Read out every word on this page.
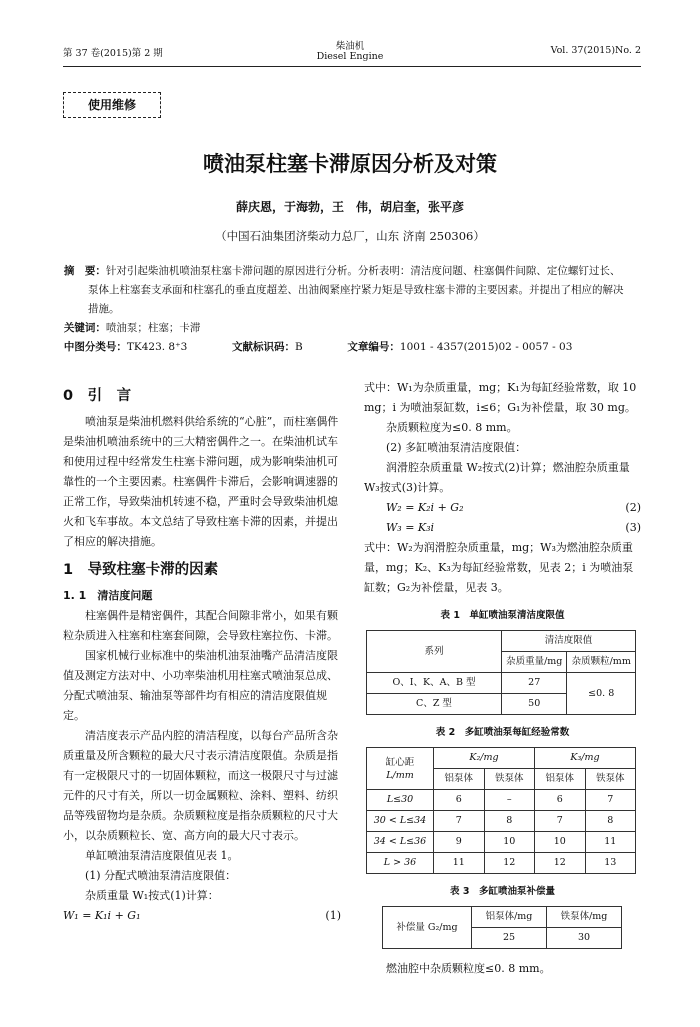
第 37 卷(2015)第 2 期
柴油机
Diesel Engine
Vol. 37(2015)No. 2
使用维修
喷油泵柱塞卡滞原因分析及对策
薛庆恩，于海勃，王　伟，胡启奎，张平彦
（中国石油集团济柴动力总厂，山东 济南 250306）
摘　要：针对引起柴油机喷油泵柱塞卡滞问题的原因进行分析。分析表明：清洁度问题、柱塞偶件间隙、定位螺钉过长、泵体上柱塞套支承面和柱塞孔的垂直度超差、出油阀紧座拧紧力矩是导致柱塞卡滞的主要因素。并提出了相应的解决措施。
关键词：喷油泵；柱塞；卡滞
中图分类号：TK423. 8⁺3	文献标识码：B	文章编号：1001 - 4357(2015)02 - 0057 - 03
0　引　言

喷油泵是柴油机燃料供给系统的“心脏”，而柱塞偶件是柴油机喷油系统中的三大精密偶件之一。在柴油机试车和使用过程中经常发生柱塞卡滞问题，成为影响柴油机可靠性的一个主要因素。柱塞偶件卡滞后，会影响调速器的正常工作，导致柴油机转速不稳，严重时会导致柴油机熄火和飞车事故。本文总结了导致柱塞卡滞的因素，并提出了相应的解决措施。

1　导致柱塞卡滞的因素

1. 1　清洁度问题

柱塞偶件是精密偶件，其配合间隙非常小，如果有颗粒杂质进入柱塞和柱塞套间隙，会导致柱塞拉伤、卡滞。

国家机械行业标准中的柴油机油泵油嘴产品清洁度限值及测定方法对中、小功率柴油机用柱塞式喷油泵总成、分配式喷油泵、输油泵等部件均有相应的清洁度限值规定。

清洁度表示产品内腔的清洁程度，以每台产品所含杂质重量及所含颗粒的最大尺寸表示清洁度限值。杂质是指有一定极限尺寸的一切固体颗粒，而这一极限尺寸与过滤元件的尺寸有关，所以一切金属颗粒、涂料、塑料、纺织品等残留物均是杂质。杂质颗粒度是指杂质颗粒的尺寸大小，以杂质颗粒长、宽、高方向的最大尺寸表示。

单缸喷油泵清洁度限值见表 1。

(1) 分配式喷油泵清洁度限值：

杂质重量 W₁按式(1)计算：

W₁ = K₁i + G₁	(1)

式中：W₁为杂质重量，mg；K₁为每缸经验常数，取 10 mg；i 为喷油泵缸数，i≤6；G₁为补偿量，取 30 mg。

杂质颗粒度为≤0. 8 mm。

(2) 多缸喷油泵清洁度限值：

润滑腔杂质重量 W₂按式(2)计算；燃油腔杂质重量 W₃按式(3)计算。

W₂ = K₂i + G₂	(2)

W₃ = K₃i	(3)

式中：W₂为润滑腔杂质重量，mg；W₃为燃油腔杂质重量，mg；K₂、K₃为每缸经验常数，见表 2；i 为喷油泵缸数；G₂为补偿量，见表 3。

表 1　单缸喷油泵清洁度限值
系列	清洁度限值	
	杂质重量/mg	杂质颗粒/mm
O、I、K、A、B 型	27	≤0. 8
C、Z 型	50	
表 2　多缸喷油泵每缸经验常数
缸心距
L/mm	K₂/mg		K₃/mg	
	铝泵体	铁泵体	铝泵体	铁泵体
L≤30	6	–	6	7
30 < L≤34	7	8	7	8
34 < L≤36	9	10	10	11
L > 36	11	12	12	13
表 3　多缸喷油泵补偿量
补偿量 G₂/mg	铝泵体/mg	铁泵体/mg
	25	30

燃油腔中杂质颗粒度≤0. 8 mm。
